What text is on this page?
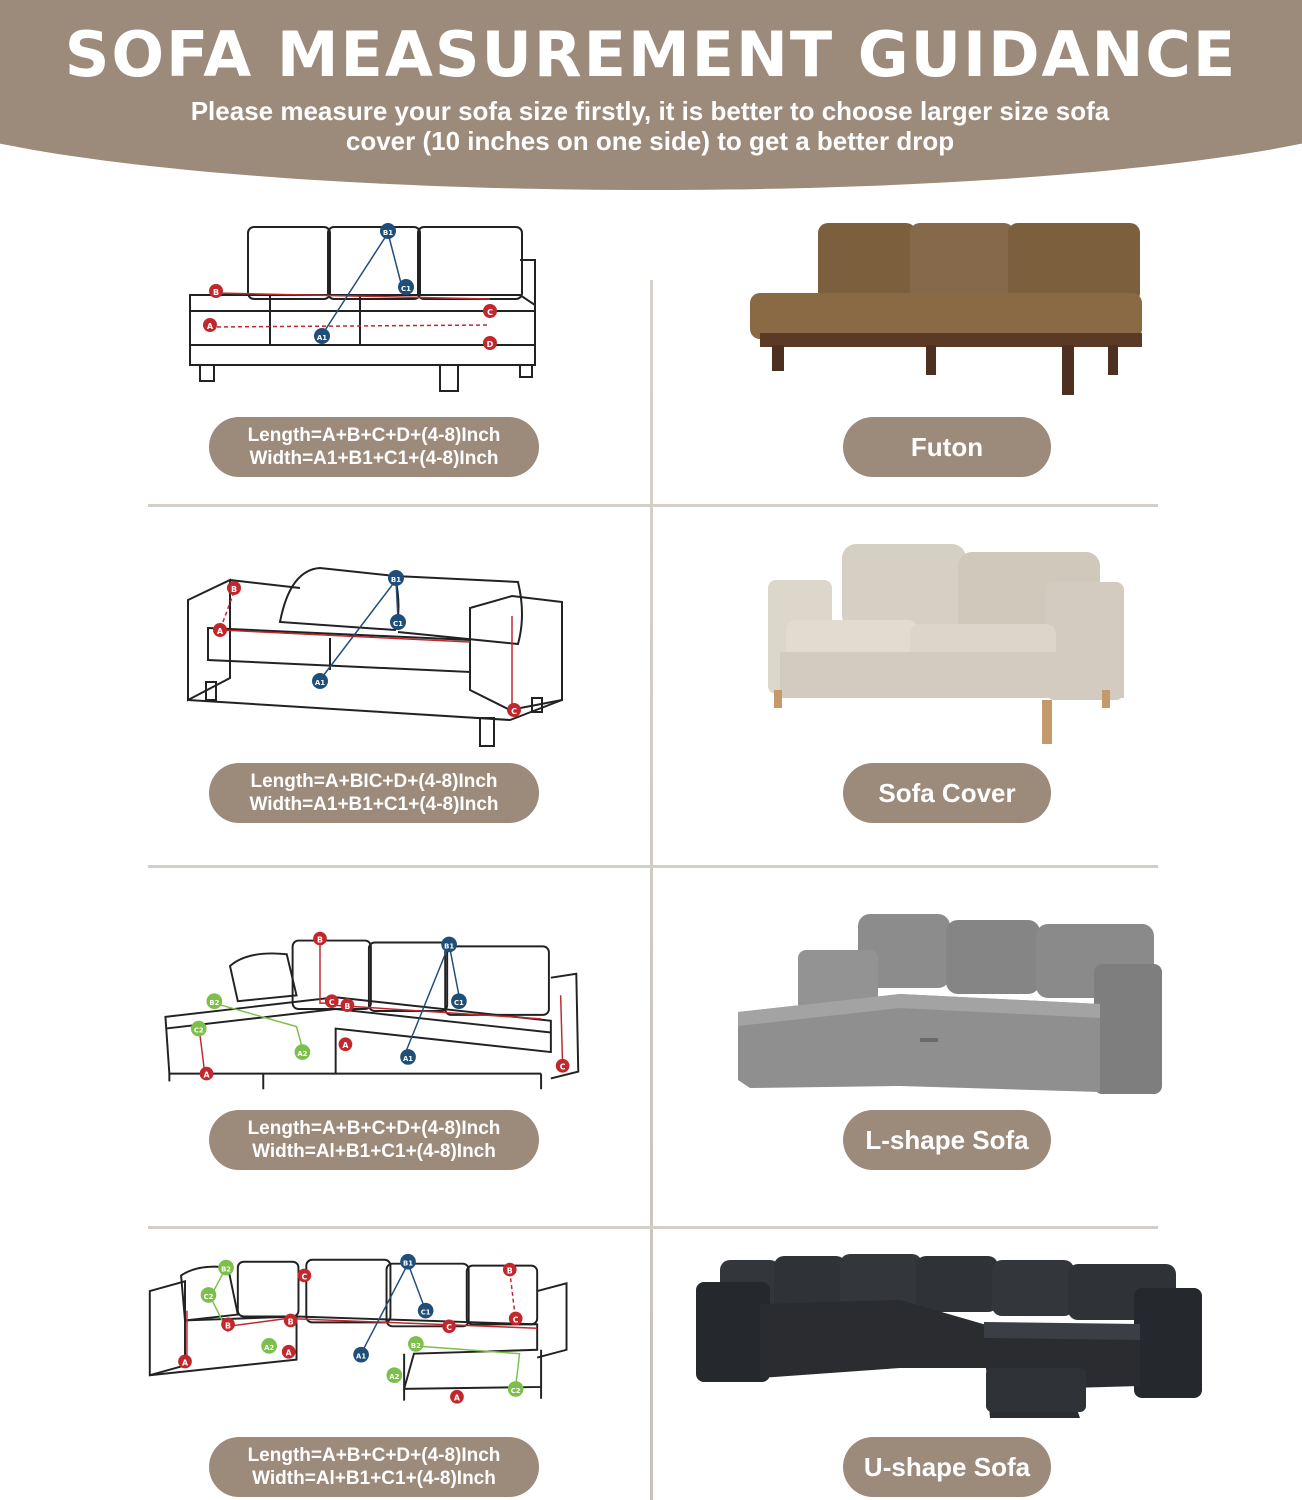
SOFA MEASUREMENT GUIDANCE
Please measure your sofa size firstly, it is better to choose larger size sofa
cover (10 inches on one side) to get a better drop
B
A
C
D
A1
B1
C1
Length=A+B+C+D+(4-8)Inch
Width=A1+B1+C1+(4-8)Inch	Futon
B
A
C
A1
B1
C1
Length=A+BIC+D+(4-8)Inch
Width=A1+B1+C1+(4-8)Inch	Sofa Cover
B
C B
A
A
C
A1
B1
C1
B2
C2
A2
Length=A+B+C+D+(4-8)Inch
Width=Al+B1+C1+(4-8)Inch	L-shape Sofa
A
B	B
A
C
C
B
C
A
A1
B1
C1
B2
C2
A2	B2
A2
C2
Length=A+B+C+D+(4-8)Inch
Width=Al+B1+C1+(4-8)Inch	U-shape Sofa
